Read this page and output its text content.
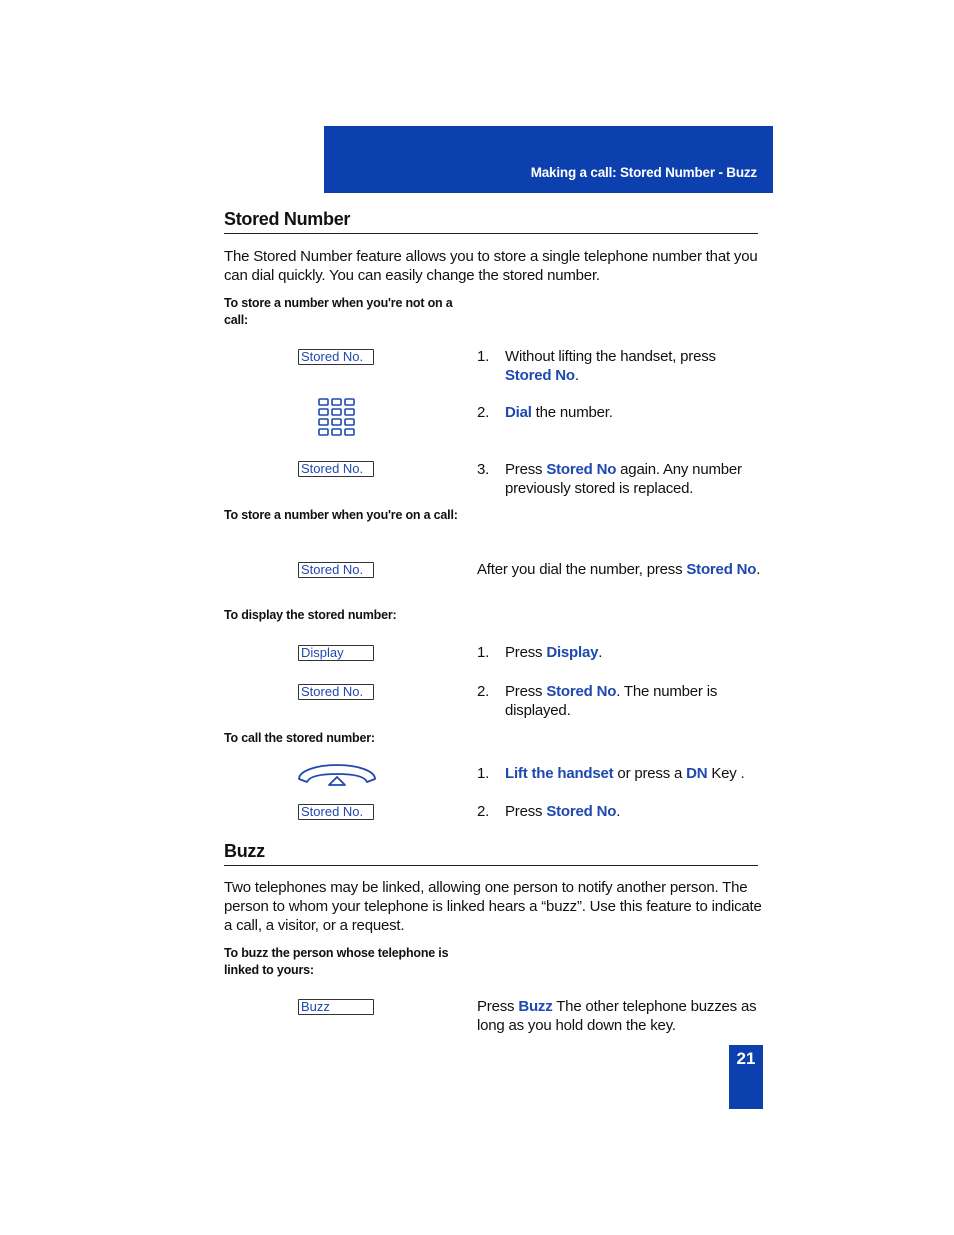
Making a call: Stored Number - Buzz
Stored Number
The Stored Number feature allows you to store a single telephone number that you can dial quickly. You can easily change the stored number.
To store a number when you're not on a call:
Stored No.	1. Without lifting the handset, press Stored No.
2. Dial the number.
Stored No.	3. Press Stored No again. Any number previously stored is replaced.
To store a number when you're on a call:
Stored No.	After you dial the number, press Stored No.
To display the stored number:
Display	1. Press Display.
Stored No.	2. Press Stored No. The number is displayed.
To call the stored number:
1. Lift the handset or press a DN Key .
Stored No.	2. Press Stored No.
Buzz
Two telephones may be linked, allowing one person to notify another person. The person to whom your telephone is linked hears a “buzz”. Use this feature to indicate a call, a visitor, or a request.
To buzz the person whose telephone is linked to yours:
Buzz	Press Buzz The other telephone buzzes as long as you hold down the key.
21
